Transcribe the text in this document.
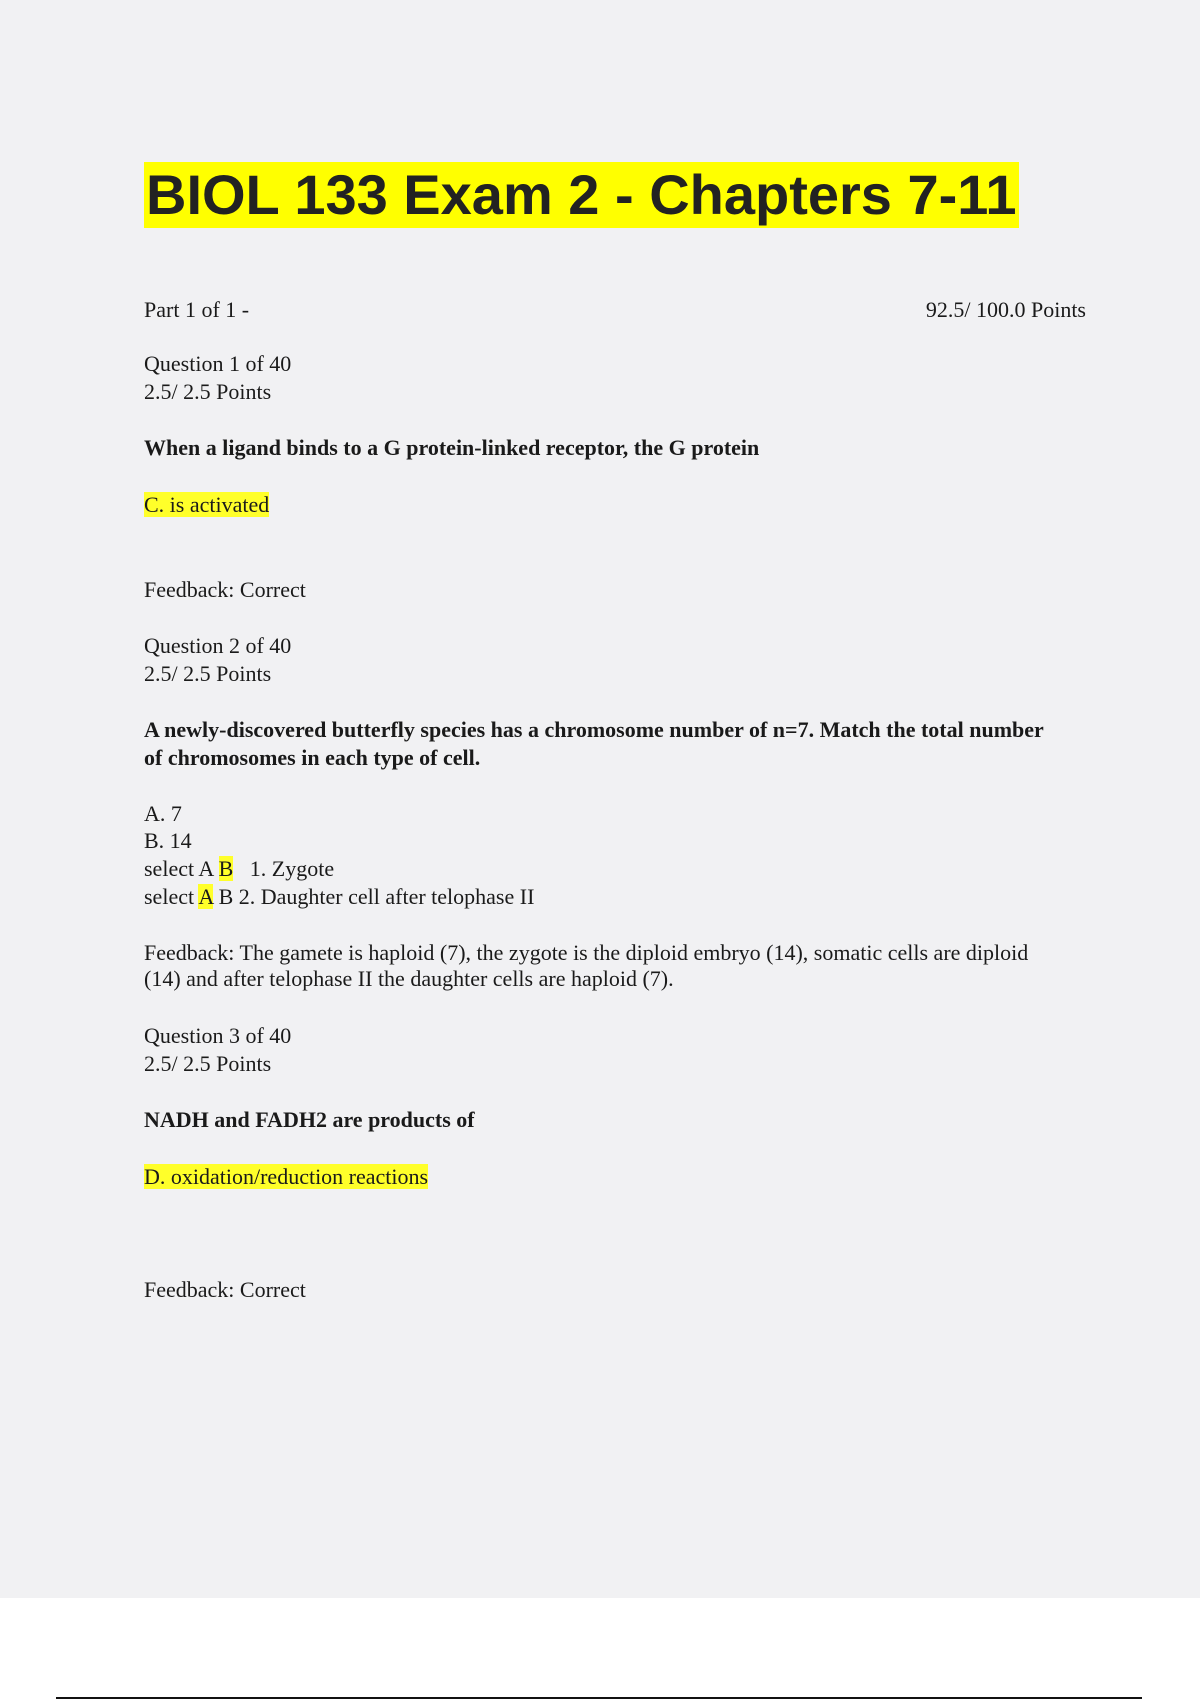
BIOL 133 Exam 2 - Chapters 7-11
Part 1 of 1 -	92.5/ 100.0 Points
Question 1 of 40
2.5/ 2.5 Points
When a ligand binds to a G protein-linked receptor, the G protein
C. is activated
Feedback: Correct
Question 2 of 40
2.5/ 2.5 Points
A newly-discovered butterfly species has a chromosome number of n=7. Match the total number of chromosomes in each type of cell.
A. 7
B. 14
select A B 1. Zygote
select A B 2. Daughter cell after telophase II
Feedback: The gamete is haploid (7), the zygote is the diploid embryo (14), somatic cells are diploid (14) and after telophase II the daughter cells are haploid (7).
Question 3 of 40
2.5/ 2.5 Points
NADH and FADH2 are products of
D. oxidation/reduction reactions
Feedback: Correct
